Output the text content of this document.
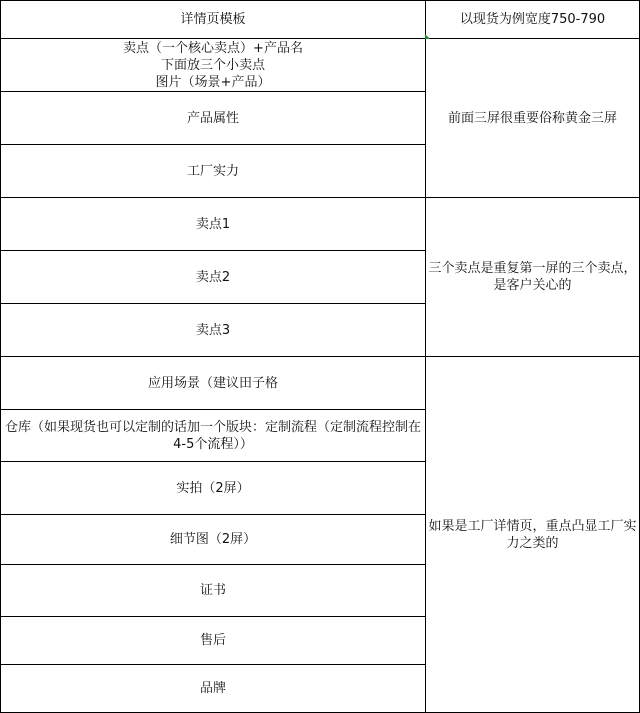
详情页模板	以现货为例宽度750-790

卖点（一个核心卖点）+产品名
下面放三个小卖点
图片（场景+产品）	前面三屏很重要俗称黄金三屏
产品属性	
工厂实力	
卖点1	三个卖点是重复第一屏的三个卖点，是客户关心的
卖点2	
卖点3	
应用场景（建议田子格	如果是工厂详情页，重点凸显工厂实力之类的
仓库（如果现货也可以定制的话加一个版块：定制流程（定制流程控制在4-5个流程））	
实拍（2屏）	
细节图（2屏）	
证书	
售后	
品牌	
